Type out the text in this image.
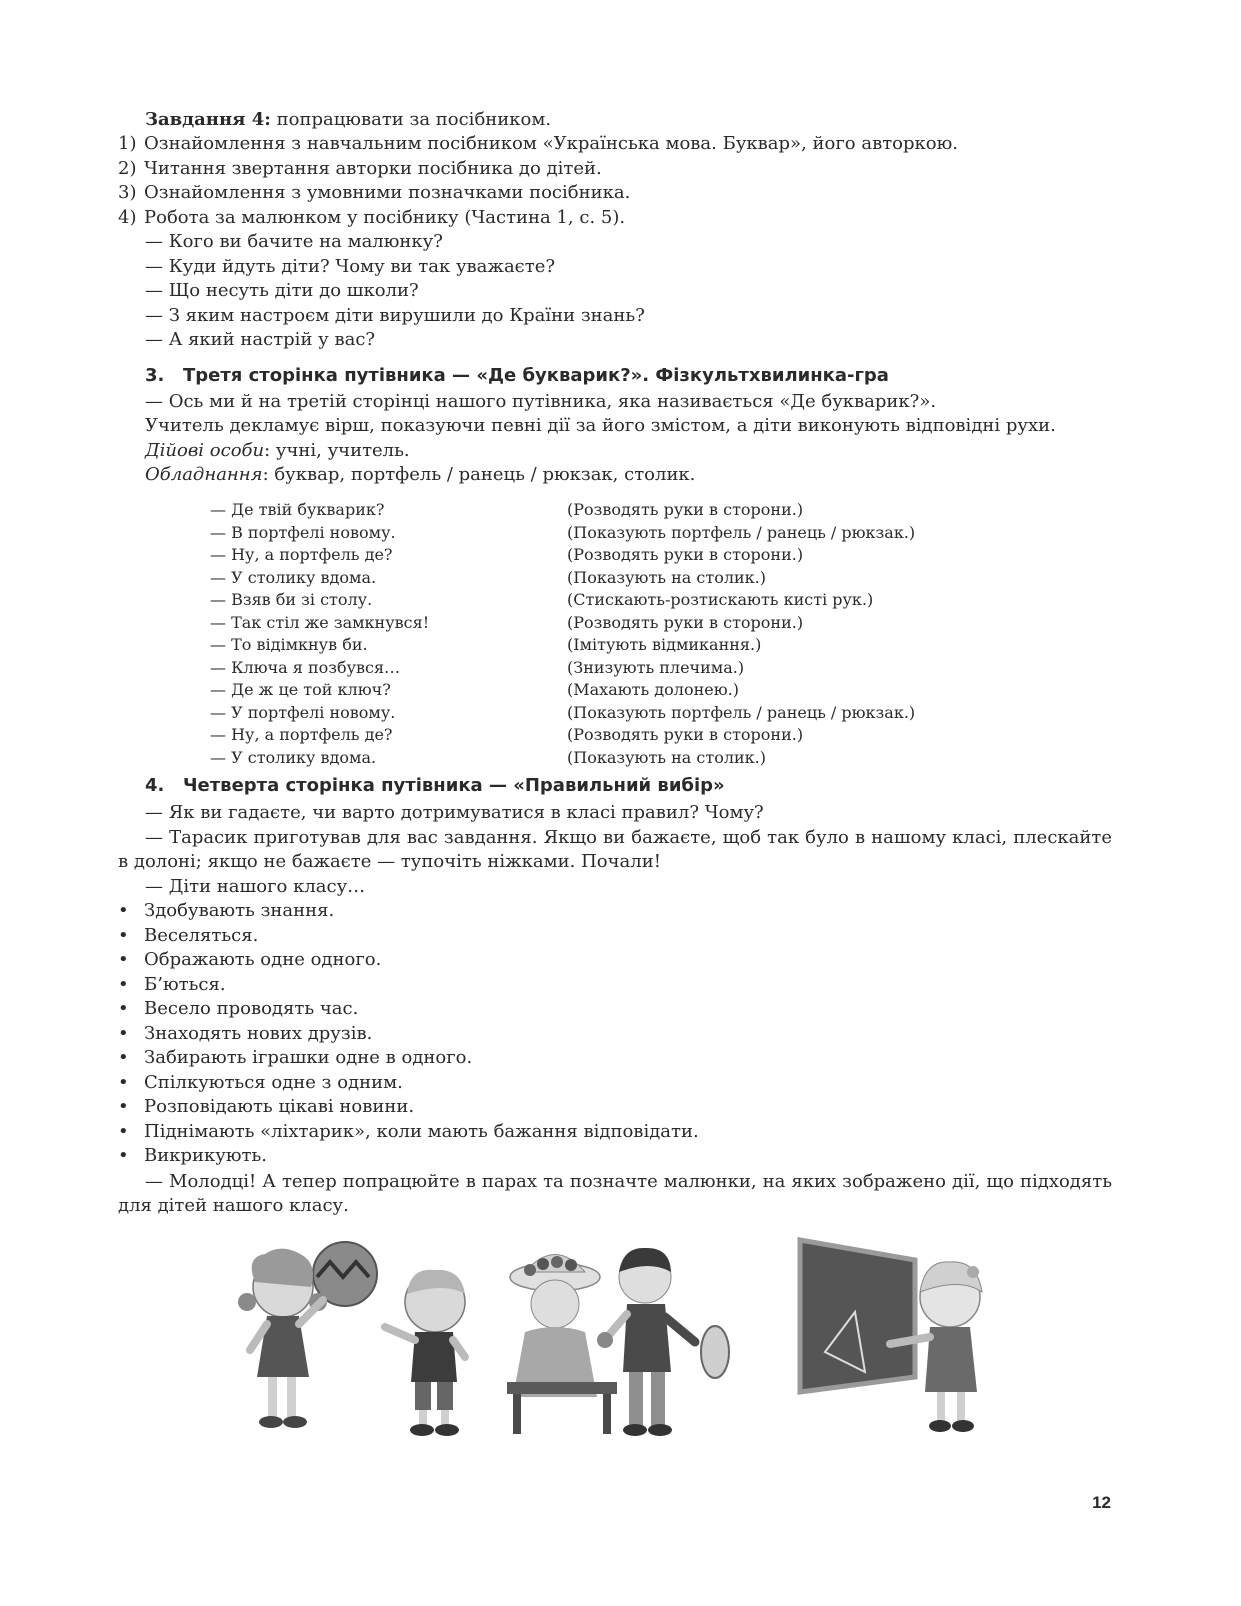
Завдання 4: попрацювати за посібником.
1) Ознайомлення з навчальним посібником «Українська мова. Буквар», його авторкою.
2) Читання звертання авторки посібника до дітей.
3) Ознайомлення з умовними позначками посібника.
4) Робота за малюнком у посібнику (Частина 1, с. 5).
— Кого ви бачите на малюнку?
— Куди йдуть діти? Чому ви так уважаєте?
— Що несуть діти до школи?
— З яким настроєм діти вирушили до Країни знань?
— А який настрій у вас?
3. Третя сторінка путівника — «Де букварик?». Фізкультхвилинка-гра
— Ось ми й на третій сторінці нашого путівника, яка називається «Де букварик?».
Учитель декламує вірш, показуючи певні дії за його змістом, а діти виконують відповідні рухи.
Дійові особи: учні, учитель.
Обладнання: буквар, портфель / ранець / рюкзак, столик.
— Де твій букварик?	(Розводять руки в сторони.)
— В портфелі новому.	(Показують портфель / ранець / рюкзак.)
— Ну, а портфель де?	(Розводять руки в сторони.)
— У столику вдома.	(Показують на столик.)
— Взяв би зі столу.	(Стискають-розтискають кисті рук.)
— Так стіл же замкнувся!	(Розводять руки в сторони.)
— То відімкнув би.	(Імітують відмикання.)
— Ключа я позбувся…	(Знизують плечима.)
— Де ж це той ключ?	(Махають долонею.)
— У портфелі новому.	(Показують портфель / ранець / рюкзак.)
— Ну, а портфель де?	(Розводять руки в сторони.)
— У столику вдома.	(Показують на столик.)
4. Четверта сторінка путівника — «Правильний вибір»
— Як ви гадаєте, чи варто дотримуватися в класі правил? Чому?
— Тарасик приготував для вас завдання. Якщо ви бажаєте, щоб так було в нашому класі, плескайте в долоні; якщо не бажаєте — тупочіть ніжками. Почали!
— Діти нашого класу…
• Здобувають знання.
• Веселяться.
• Ображають одне одного.
• Б’ються.
• Весело проводять час.
• Знаходять нових друзів.
• Забирають іграшки одне в одного.
• Спілкуються одне з одним.
• Розповідають цікаві новини.
• Піднімають «ліхтарик», коли мають бажання відповідати.
• Викрикують.
— Молодці! А тепер попрацюйте в парах та позначте малюнки, на яких зображено дії, що підходять для дітей нашого класу.
12
